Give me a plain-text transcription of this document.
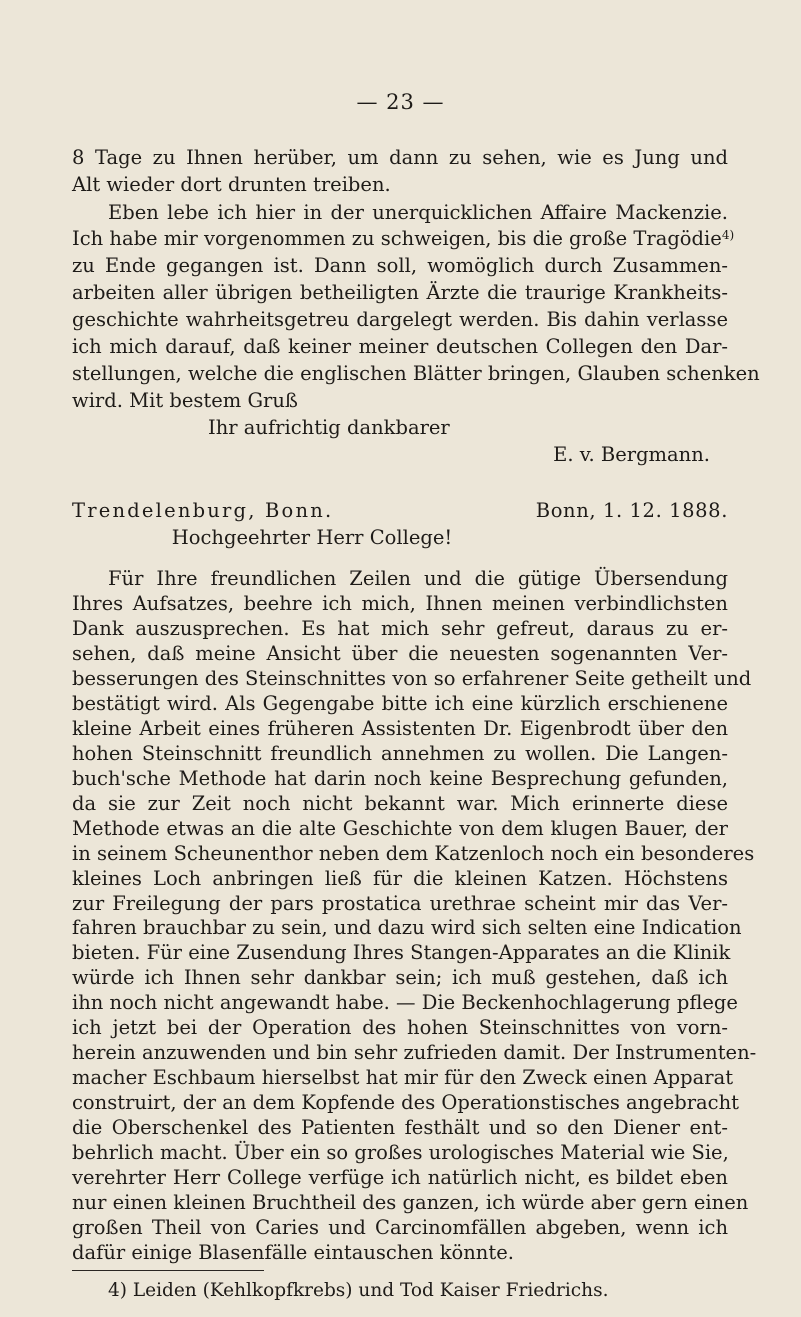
— 23 —
8 Tage zu Ihnen herüber, um dann zu sehen, wie es Jung und
Alt wieder dort drunten treiben.
Eben lebe ich hier in der unerquicklichen Affaire Mackenzie.
Ich habe mir vorgenommen zu schweigen, bis die große Tragödie$^{4)}$
zu Ende gegangen ist. Dann soll, womöglich durch Zusammen-
arbeiten aller übrigen betheiligten Ärzte die traurige Krankheits-
geschichte wahrheitsgetreu dargelegt werden. Bis dahin verlasse
ich mich darauf, daß keiner meiner deutschen Collegen den Dar-
stellungen, welche die englischen Blätter bringen, Glauben schenken
wird. Mit bestem Gruß
Ihr aufrichtig dankbarer
E. v. Bergmann.
Trendelenburg, Bonn.	Bonn, 1. 12. 1888.
Hochgeehrter Herr College!
4) Leiden (Kehlkopfkrebs) und Tod Kaiser Friedrichs.
Für Ihre freundlichen Zeilen und die gütige Übersendung
Ihres Aufsatzes, beehre ich mich, Ihnen meinen verbindlichsten
Dank auszusprechen. Es hat mich sehr gefreut, daraus zu er-
sehen, daß meine Ansicht über die neuesten sogenannten Ver-
besserungen des Steinschnittes von so erfahrener Seite getheilt und
bestätigt wird. Als Gegengabe bitte ich eine kürzlich erschienene
kleine Arbeit eines früheren Assistenten Dr. Eigenbrodt über den
hohen Steinschnitt freundlich annehmen zu wollen. Die Langen-
buch'sche Methode hat darin noch keine Besprechung gefunden,
da sie zur Zeit noch nicht bekannt war. Mich erinnerte diese
Methode etwas an die alte Geschichte von dem klugen Bauer, der
in seinem Scheunenthor neben dem Katzenloch noch ein besonderes
kleines Loch anbringen ließ für die kleinen Katzen. Höchstens
zur Freilegung der pars prostatica urethrae scheint mir das Ver-
fahren brauchbar zu sein, und dazu wird sich selten eine Indication
bieten. Für eine Zusendung Ihres Stangen-Apparates an die Klinik
würde ich Ihnen sehr dankbar sein; ich muß gestehen, daß ich
ihn noch nicht angewandt habe. — Die Beckenhochlagerung pflege
ich jetzt bei der Operation des hohen Steinschnittes von vorn-
herein anzuwenden und bin sehr zufrieden damit. Der Instrumenten-
macher Eschbaum hierselbst hat mir für den Zweck einen Apparat
construirt, der an dem Kopfende des Operationstisches angebracht
die Oberschenkel des Patienten festhält und so den Diener ent-
behrlich macht. Über ein so großes urologisches Material wie Sie,
verehrter Herr College verfüge ich natürlich nicht, es bildet eben
nur einen kleinen Bruchtheil des ganzen, ich würde aber gern einen
großen Theil von Caries und Carcinomfällen abgeben, wenn ich
dafür einige Blasenfälle eintauschen könnte.
